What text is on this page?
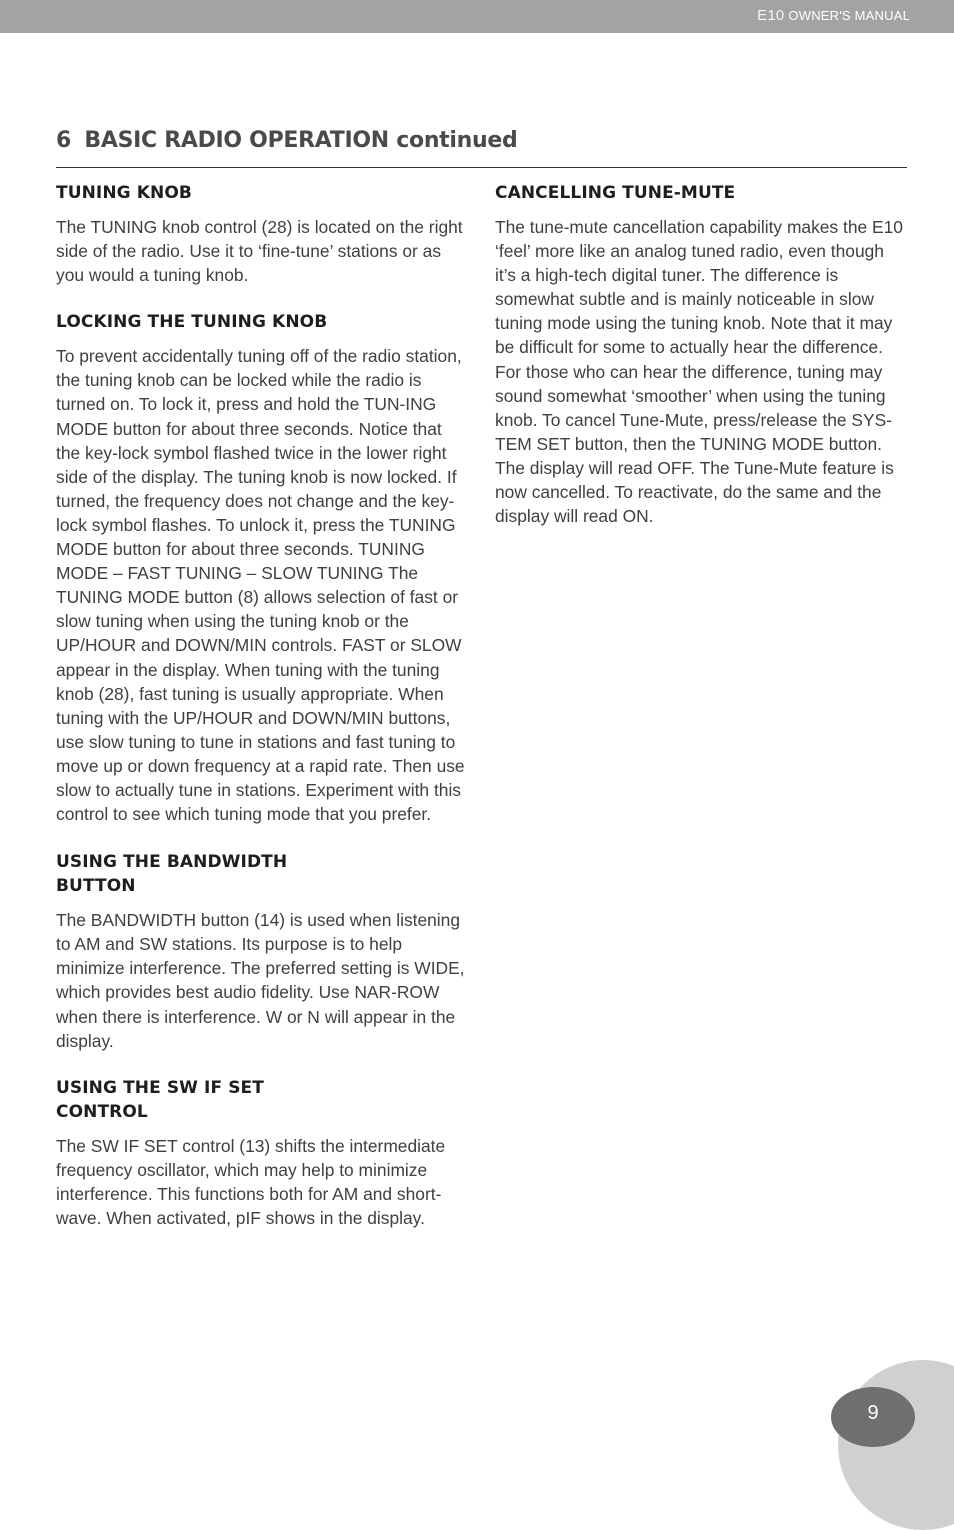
E10 OWNER'S MANUAL
6 BASIC RADIO OPERATION continued
TUNING KNOB

The TUNING knob control (28) is located on the right side of the radio. Use it to ‘fine-tune’ stations or as you would a tuning knob.

LOCKING THE TUNING KNOB

To prevent accidentally tuning off of the radio station, the tuning knob can be locked while the radio is turned on. To lock it, press and hold the TUN-ING MODE button for about three seconds. Notice that the key-lock symbol flashed twice in the lower right side of the display. The tuning knob is now locked. If turned, the frequency does not change and the key-lock symbol flashes. To unlock it, press the TUNING MODE button for about three seconds. TUNING MODE – FAST TUNING – SLOW TUNING The TUNING MODE button (8) allows selection of fast or slow tuning when using the tuning knob or the UP/HOUR and DOWN/MIN controls. FAST or SLOW appear in the display. When tuning with the tuning knob (28), fast tuning is usually appropriate. When tuning with the UP/HOUR and DOWN/MIN buttons, use slow tuning to tune in stations and fast tuning to move up or down frequency at a rapid rate. Then use slow to actually tune in stations. Experiment with this control to see which tuning mode that you prefer.

USING THE BANDWIDTH BUTTON

The BANDWIDTH button (14) is used when listening to AM and SW stations. Its purpose is to help minimize interference. The preferred setting is WIDE, which provides best audio fidelity. Use NAR-ROW when there is interference. W or N will appear in the display.

USING THE SW IF SET CONTROL

The SW IF SET control (13) shifts the intermediate frequency oscillator, which may help to minimize interference. This functions both for AM and short-wave. When activated, pIF shows in the display.

CANCELLING TUNE-MUTE

The tune-mute cancellation capability makes the E10 ‘feel’ more like an analog tuned radio, even though it’s a high-tech digital tuner. The difference is somewhat subtle and is mainly noticeable in slow tuning mode using the tuning knob. Note that it may be difficult for some to actually hear the difference. For those who can hear the difference, tuning may sound somewhat ‘smoother’ when using the tuning knob. To cancel Tune-Mute, press/release the SYS-TEM SET button, then the TUNING MODE button. The display will read OFF. The Tune-Mute feature is now cancelled. To reactivate, do the same and the display will read ON.

9
